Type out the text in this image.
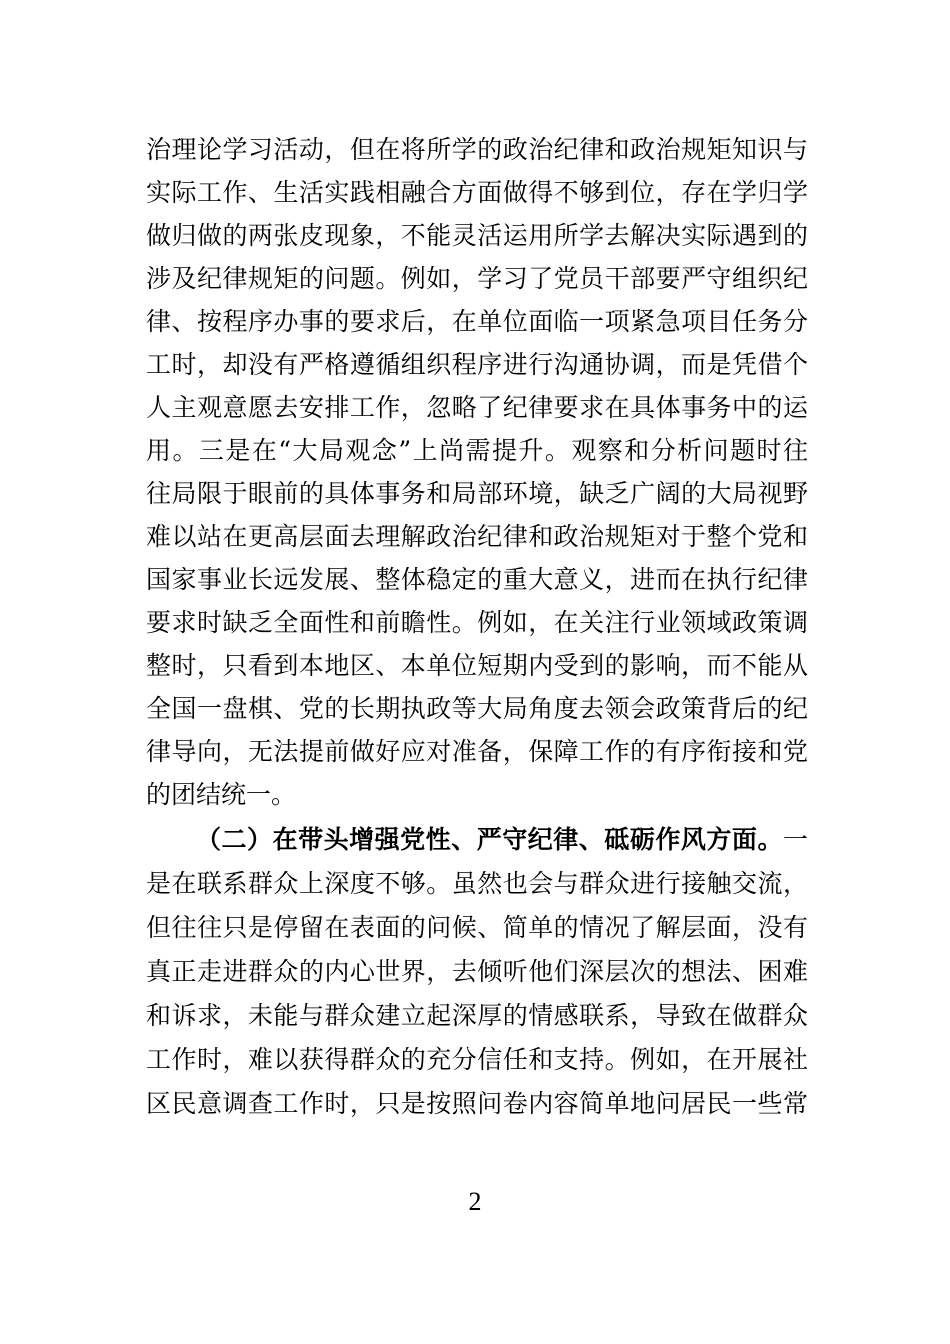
治理论学习活动，但在将所学的政治纪律和政治规矩知识与
实际工作、生活实践相融合方面做得不够到位，存在学归学
做归做的两张皮现象，不能灵活运用所学去解决实际遇到的
涉及纪律规矩的问题。例如，学习了党员干部要严守组织纪
律、按程序办事的要求后，在单位面临一项紧急项目任务分
工时，却没有严格遵循组织程序进行沟通协调，而是凭借个
人主观意愿去安排工作，忽略了纪律要求在具体事务中的运
用。三是在“大局观念”上尚需提升。观察和分析问题时往
往局限于眼前的具体事务和局部环境，缺乏广阔的大局视野
难以站在更高层面去理解政治纪律和政治规矩对于整个党和
国家事业长远发展、整体稳定的重大意义，进而在执行纪律
要求时缺乏全面性和前瞻性。例如，在关注行业领域政策调
整时，只看到本地区、本单位短期内受到的影响，而不能从
全国一盘棋、党的长期执政等大局角度去领会政策背后的纪
律导向，无法提前做好应对准备，保障工作的有序衔接和党
的团结统一。
（二）在带头增强党性、严守纪律、砥砺作风方面。一
是在联系群众上深度不够。虽然也会与群众进行接触交流，
但往往只是停留在表面的问候、简单的情况了解层面，没有
真正走进群众的内心世界，去倾听他们深层次的想法、困难
和诉求，未能与群众建立起深厚的情感联系，导致在做群众
工作时，难以获得群众的充分信任和支持。例如，在开展社
区民意调查工作时，只是按照问卷内容简单地问居民一些常
2
